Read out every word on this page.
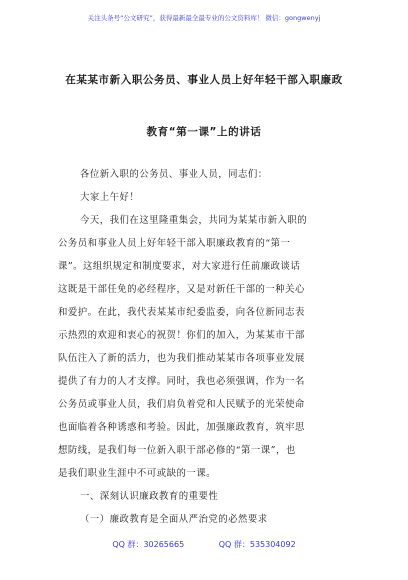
关注头条号“公文研究”，获得最新最全最专业的公文资料库！ 微信：gongwenyj
在某某市新入职公务员、事业人员上好年轻干部入职廉政
教育“第一课”上的讲话
各位新入职的公务员、事业人员，同志们：
大家上午好！
今天，我们在这里隆重集会，共同为某某市新入职的
公务员和事业人员上好年轻干部入职廉政教育的“第一
课”。这组织规定和制度要求，对大家进行任前廉政谈话
这既是干部任免的必经程序，又是对新任干部的一种关心
和爱护。在此，我代表某某市纪委监委，向各位新同志表
示热烈的欢迎和衷心的祝贺！你们的加入，为某某市干部
队伍注入了新的活力，也为我们推动某某市各项事业发展
提供了有力的人才支撑。同时，我也必须强调，作为一名
公务员或事业人员，我们肩负着党和人民赋予的光荣使命
也面临着各种诱惑和考验。因此，加强廉政教育，筑牢思
想防线，是我们每一位新入职干部必修的“第一课”，也
是我们职业生涯中不可或缺的一课。
一、深刻认识廉政教育的重要性
（一）廉政教育是全面从严治党的必然要求
QQ 群：30265665	QQ 群：535304092
